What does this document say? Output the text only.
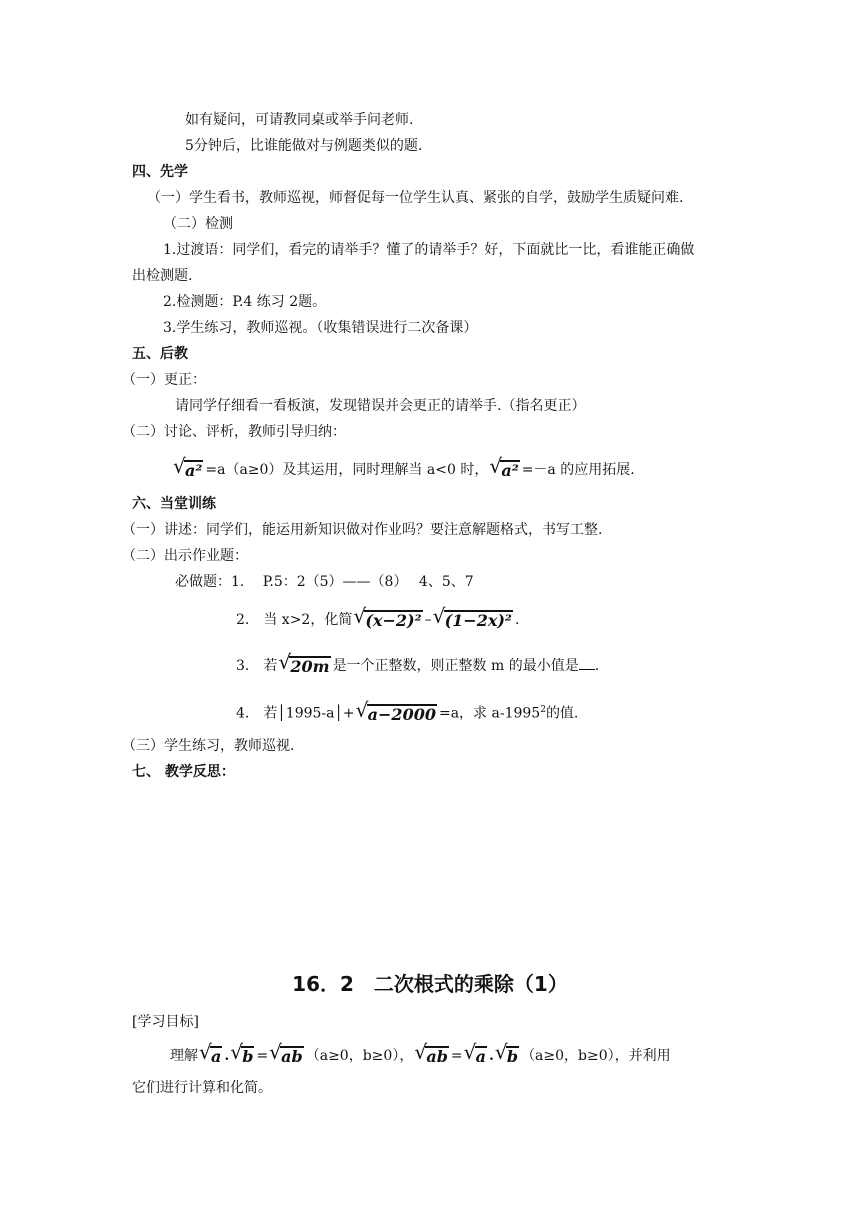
如有疑问，可请教同桌或举手问老师.
5分钟后，比谁能做对与例题类似的题.
四、先学
（一）学生看书，教师巡视，师督促每一位学生认真、紧张的自学，鼓励学生质疑问难.
（二）检测
1.过渡语：同学们，看完的请举手？懂了的请举手？好，下面就比一比，看谁能正确做
出检测题.
2.检测题：P.4 练习 2题。
3.学生练习，教师巡视。（收集错误进行二次备课）
五、后教
（一）更正：
请同学仔细看一看板演，发现错误并会更正的请举手.（指名更正）
（二）讨论、评析，教师引导归纳：
√ a² =a（a≥0）及其运用，同时理解当 a<0 时， √ a² =－a 的应用拓展.
六、当堂训练
（一）讲述：同学们，能运用新知识做对作业吗？要注意解题格式，书写工整.
（二）出示作业题：
必做题：1.　 P.5：2（5）——（8）　 4、5、7
2.　当 x>2，化简 √ (x−2)² – √ (1−2x)² .
3.　若 √ 20m 是一个正整数，则正整数 m 的最小值是 .
4.　若│1995-a│+ √ a−2000 =a，求 a-1995$^2$的值.
（三）学生练习，教师巡视.
七、 教学反思：
16．2　二次根式的乘除（1）
[学习目标]
理解 √ a . √ b = √ ab （a≥0，b≥0）， √ ab = √ a . √ b （a≥0，b≥0），并利用
它们进行计算和化简。
